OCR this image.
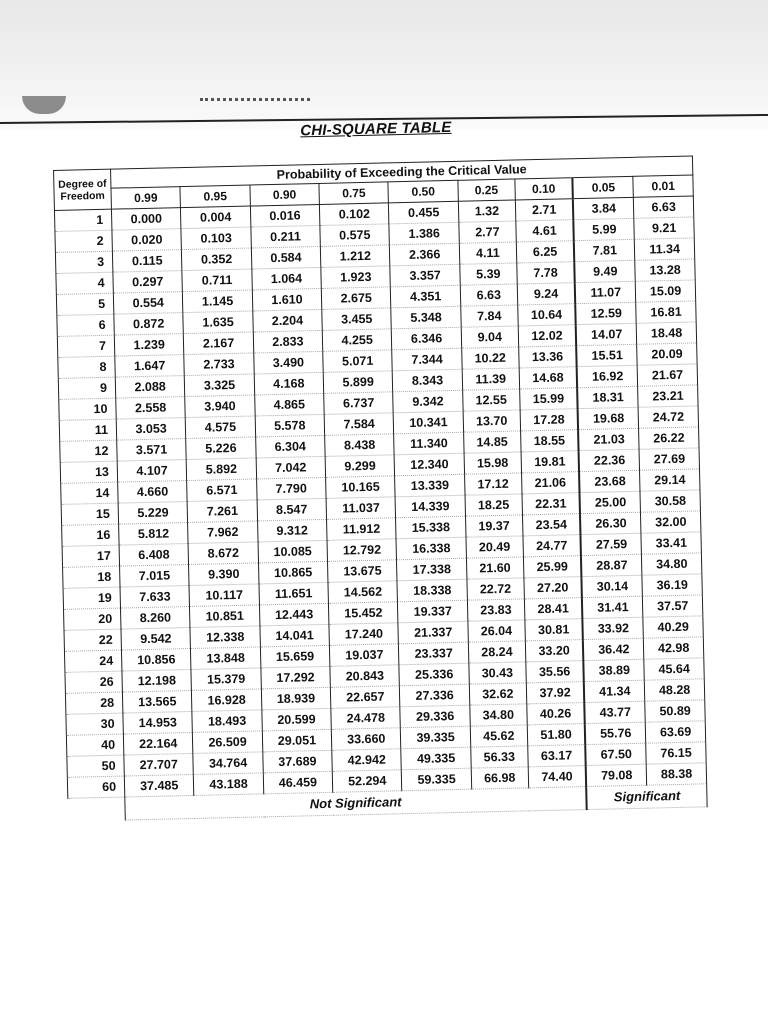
CHI-SQUARE TABLE
Degree of
Freedom	Probability of Exceeding the Critical Value								
	0.99	0.95	0.90	0.75	0.50	0.25	0.10	0.05	0.01
1	0.000	0.004	0.016	0.102	0.455	1.32	2.71	3.84	6.63
2	0.020	0.103	0.211	0.575	1.386	2.77	4.61	5.99	9.21
3	0.115	0.352	0.584	1.212	2.366	4.11	6.25	7.81	11.34
4	0.297	0.711	1.064	1.923	3.357	5.39	7.78	9.49	13.28
5	0.554	1.145	1.610	2.675	4.351	6.63	9.24	11.07	15.09
6	0.872	1.635	2.204	3.455	5.348	7.84	10.64	12.59	16.81
7	1.239	2.167	2.833	4.255	6.346	9.04	12.02	14.07	18.48
8	1.647	2.733	3.490	5.071	7.344	10.22	13.36	15.51	20.09
9	2.088	3.325	4.168	5.899	8.343	11.39	14.68	16.92	21.67
10	2.558	3.940	4.865	6.737	9.342	12.55	15.99	18.31	23.21
11	3.053	4.575	5.578	7.584	10.341	13.70	17.28	19.68	24.72
12	3.571	5.226	6.304	8.438	11.340	14.85	18.55	21.03	26.22
13	4.107	5.892	7.042	9.299	12.340	15.98	19.81	22.36	27.69
14	4.660	6.571	7.790	10.165	13.339	17.12	21.06	23.68	29.14
15	5.229	7.261	8.547	11.037	14.339	18.25	22.31	25.00	30.58
16	5.812	7.962	9.312	11.912	15.338	19.37	23.54	26.30	32.00
17	6.408	8.672	10.085	12.792	16.338	20.49	24.77	27.59	33.41
18	7.015	9.390	10.865	13.675	17.338	21.60	25.99	28.87	34.80
19	7.633	10.117	11.651	14.562	18.338	22.72	27.20	30.14	36.19
20	8.260	10.851	12.443	15.452	19.337	23.83	28.41	31.41	37.57
22	9.542	12.338	14.041	17.240	21.337	26.04	30.81	33.92	40.29
24	10.856	13.848	15.659	19.037	23.337	28.24	33.20	36.42	42.98
26	12.198	15.379	17.292	20.843	25.336	30.43	35.56	38.89	45.64
28	13.565	16.928	18.939	22.657	27.336	32.62	37.92	41.34	48.28
30	14.953	18.493	20.599	24.478	29.336	34.80	40.26	43.77	50.89
40	22.164	26.509	29.051	33.660	39.335	45.62	51.80	55.76	63.69
50	27.707	34.764	37.689	42.942	49.335	56.33	63.17	67.50	76.15
60	37.485	43.188	46.459	52.294	59.335	66.98	74.40	79.08	88.38
	Not Significant							Significant	
